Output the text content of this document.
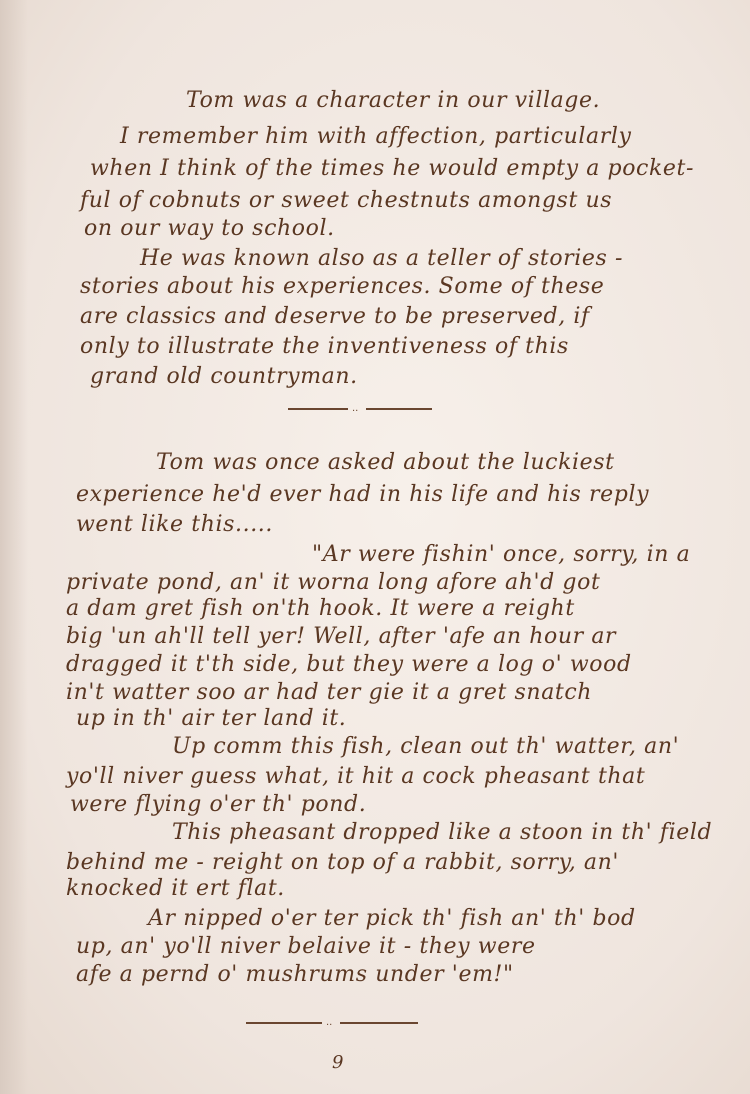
Tom was a character in our village.

I remember him with affection, particularly

when I think of the times he would empty a pocket-

ful of cobnuts or sweet chestnuts amongst us

on our way to school.

He was known also as a teller of stories -

stories about his experiences. Some of these

are classics and deserve to be preserved, if

only to illustrate the inventiveness of this

grand old countryman.

..

Tom was once asked about the luckiest

experience he'd ever had in his life and his reply

went like this.....

"Ar were fishin' once, sorry, in a

private pond, an' it worna long afore ah'd got

a dam gret fish on'th hook. It were a reight

big 'un ah'll tell yer! Well, after 'afe an hour ar

dragged it t'th side, but they were a log o' wood

in't watter soo ar had ter gie it a gret snatch

up in th' air ter land it.

Up comm this fish, clean out th' watter, an'

yo'll niver guess what, it hit a cock pheasant that

were flying o'er th' pond.

This pheasant dropped like a stoon in th' field

behind me - reight on top of a rabbit, sorry, an'

knocked it ert flat.

Ar nipped o'er ter pick th' fish an' th' bod

up, an' yo'll niver belaive it - they were

afe a pernd o' mushrums under 'em!"

..
9
